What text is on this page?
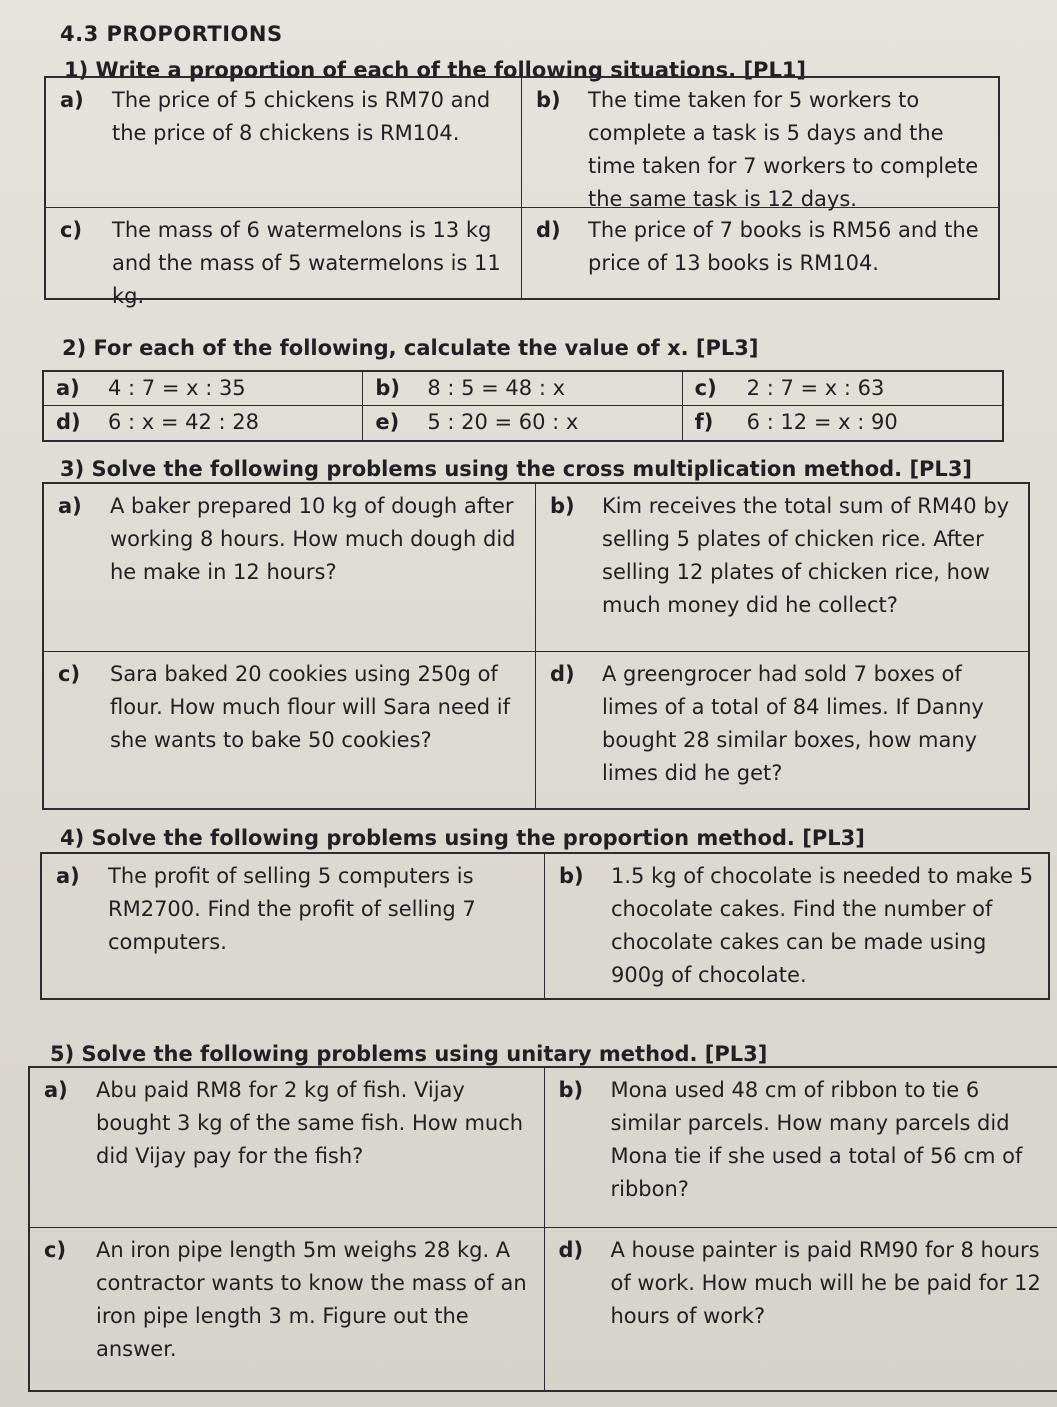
4.3 PROPORTIONS
1) Write a proportion of each of the following situations. [PL1]
a) The price of 5 chickens is RM70 and the price of 8 chickens is RM104.
b) The time taken for 5 workers to complete a task is 5 days and the time taken for 7 workers to complete the same task is 12 days.
c) The mass of 6 watermelons is 13 kg and the mass of 5 watermelons is 11 kg.
d) The price of 7 books is RM56 and the price of 13 books is RM104.
2) For each of the following, calculate the value of x. [PL3]
a) 4 : 7 = x : 35	b) 8 : 5 = 48 : x	c) 2 : 7 = x : 63
d) 6 : x = 42 : 28	e) 5 : 20 = 60 : x	f) 6 : 12 = x : 90
3) Solve the following problems using the cross multiplication method. [PL3]
a) A baker prepared 10 kg of dough after working 8 hours. How much dough did he make in 12 hours?
b) Kim receives the total sum of RM40 by selling 5 plates of chicken rice. After selling 12 plates of chicken rice, how much money did he collect?
c) Sara baked 20 cookies using 250g of flour. How much flour will Sara need if she wants to bake 50 cookies?
d) A greengrocer had sold 7 boxes of limes of a total of 84 limes. If Danny bought 28 similar boxes, how many limes did he get?
4) Solve the following problems using the proportion method. [PL3]
a) The profit of selling 5 computers is RM2700. Find the profit of selling 7 computers.
b) 1.5 kg of chocolate is needed to make 5 chocolate cakes. Find the number of chocolate cakes can be made using 900g of chocolate.
5) Solve the following problems using unitary method. [PL3]
a) Abu paid RM8 for 2 kg of fish. Vijay bought 3 kg of the same fish. How much did Vijay pay for the fish?
b) Mona used 48 cm of ribbon to tie 6 similar parcels. How many parcels did Mona tie if she used a total of 56 cm of ribbon?
c) An iron pipe length 5m weighs 28 kg. A contractor wants to know the mass of an iron pipe length 3 m. Figure out the answer.
d) A house painter is paid RM90 for 8 hours of work. How much will he be paid for 12 hours of work?
